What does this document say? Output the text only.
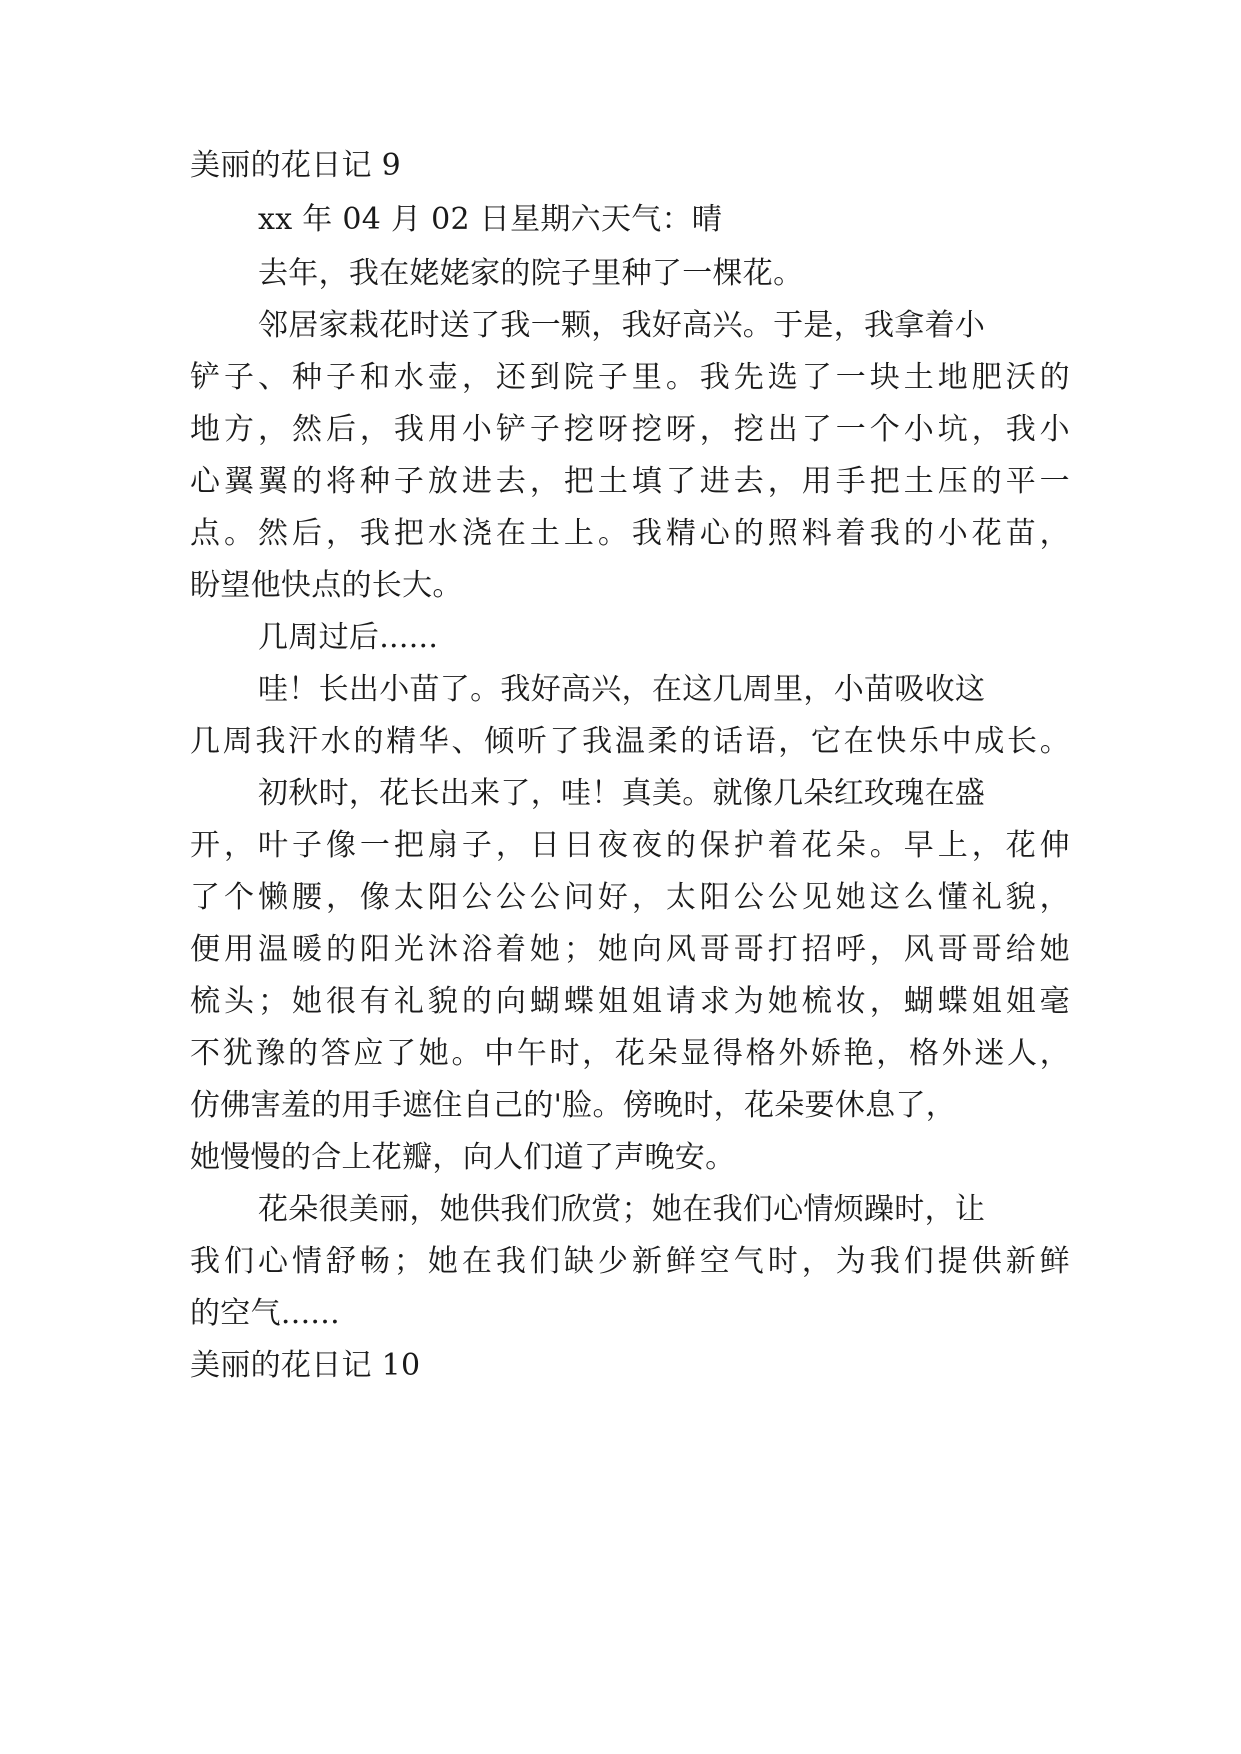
美丽的花日记 9
xx 年 04 月 02 日星期六天气：晴
去年，我在姥姥家的院子里种了一棵花。
邻居家栽花时送了我一颗，我好高兴。于是，我拿着小
铲子、种子和水壶，还到院子里。我先选了一块土地肥沃的
地方，然后，我用小铲子挖呀挖呀，挖出了一个小坑，我小
心翼翼的将种子放进去，把土填了进去，用手把土压的平一
点。然后，我把水浇在土上。我精心的照料着我的小花苗，
盼望他快点的长大。
几周过后......
哇！长出小苗了。我好高兴，在这几周里，小苗吸收这
几周我汗水的精华、倾听了我温柔的话语，它在快乐中成长。
初秋时，花长出来了，哇！真美。就像几朵红玫瑰在盛
开，叶子像一把扇子，日日夜夜的保护着花朵。早上，花伸
了个懒腰，像太阳公公公问好，太阳公公见她这么懂礼貌，
便用温暖的阳光沐浴着她；她向风哥哥打招呼，风哥哥给她
梳头；她很有礼貌的向蝴蝶姐姐请求为她梳妆，蝴蝶姐姐毫
不犹豫的答应了她。中午时，花朵显得格外娇艳，格外迷人，
仿佛害羞的用手遮住自己的'脸。傍晚时，花朵要休息了，
她慢慢的合上花瓣，向人们道了声晚安。
花朵很美丽，她供我们欣赏；她在我们心情烦躁时，让
我们心情舒畅；她在我们缺少新鲜空气时，为我们提供新鲜
的空气......
美丽的花日记 10
